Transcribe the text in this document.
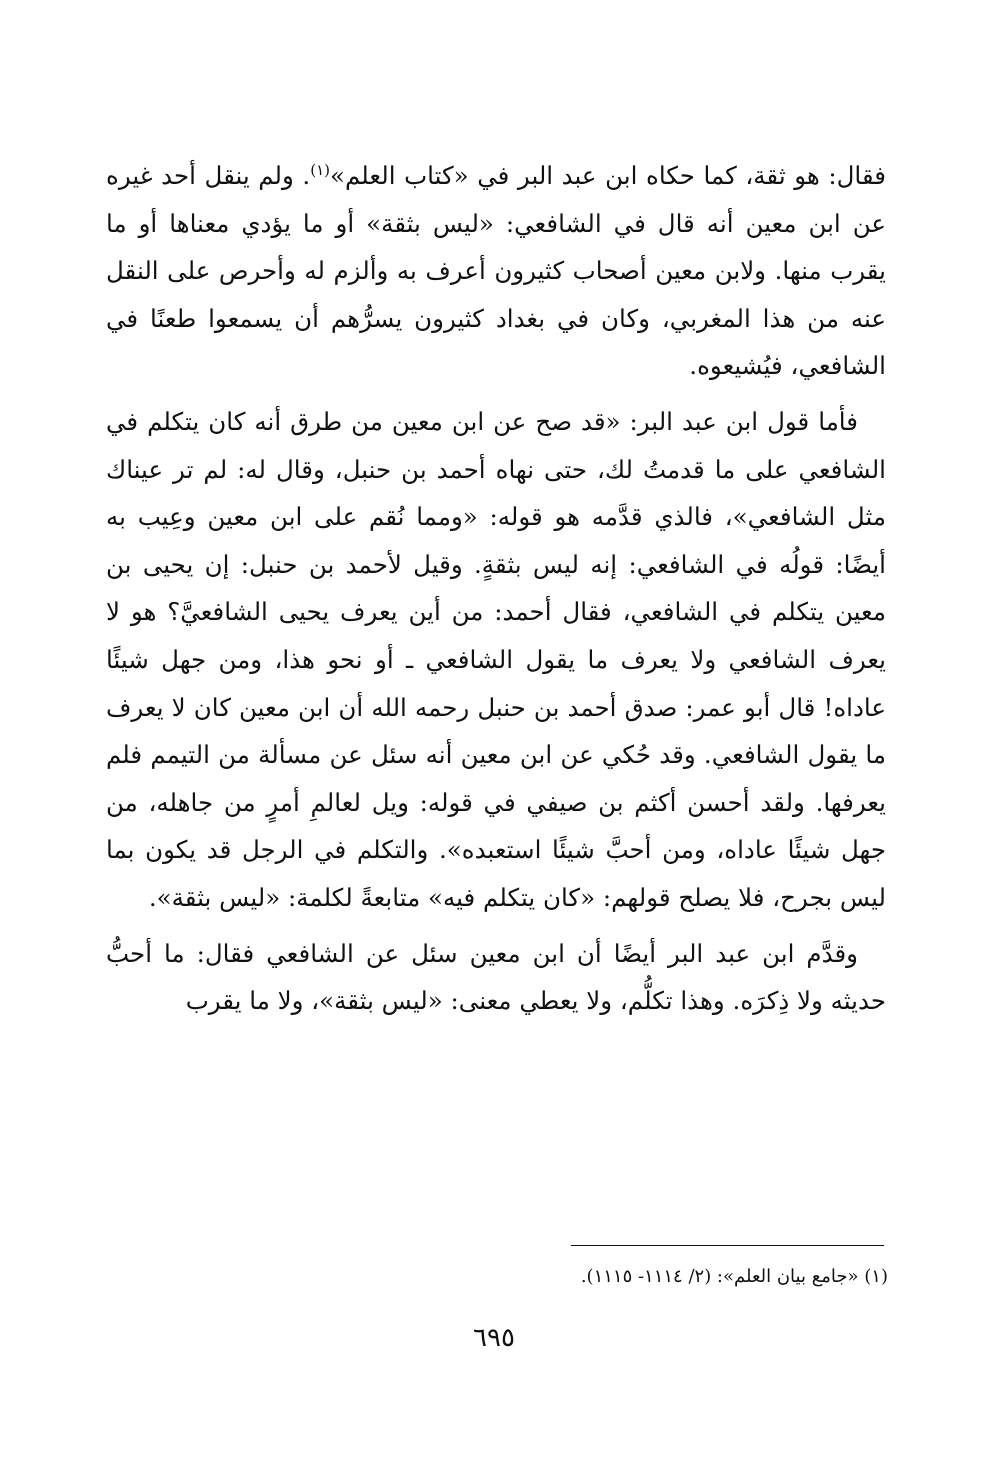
فقال: هو ثقة، كما حكاه ابن عبد البر في «كتاب العلم»$^{(١)}$. ولم ينقل أحد غيره عن ابن معين أنه قال في الشافعي: «ليس بثقة» أو ما يؤدي معناها أو ما يقرب منها. ولابن معين أصحاب كثيرون أعرف به وألزم له وأحرص على النقل عنه من هذا المغربي، وكان في بغداد كثيرون يسرُّهم أن يسمعوا طعنًا في الشافعي، فيُشيعوه.

فأما قول ابن عبد البر: «قد صح عن ابن معين من طرق أنه كان يتكلم في الشافعي على ما قدمتُ لك، حتى نهاه أحمد بن حنبل، وقال له: لم تر عيناك مثل الشافعي»، فالذي قدَّمه هو قوله: «ومما نُقم على ابن معين وعِيب به أيضًا: قولُه في الشافعي: إنه ليس بثقةٍ. وقيل لأحمد بن حنبل: إن يحيى بن معين يتكلم في الشافعي، فقال أحمد: من أين يعرف يحيى الشافعيَّ؟ هو لا يعرف الشافعي ولا يعرف ما يقول الشافعي ـ أو نحو هذا، ومن جهل شيئًا عاداه! قال أبو عمر: صدق أحمد بن حنبل رحمه الله أن ابن معين كان لا يعرف ما يقول الشافعي. وقد حُكي عن ابن معين أنه سئل عن مسألة من التيمم فلم يعرفها. ولقد أحسن أكثم بن صيفي في قوله: ويل لعالمِ أمرٍ من جاهله، من جهل شيئًا عاداه، ومن أحبَّ شيئًا استعبده». والتكلم في الرجل قد يكون بما ليس بجرح، فلا يصلح قولهم: «كان يتكلم فيه» متابعةً لكلمة: «ليس بثقة».

وقدَّم ابن عبد البر أيضًا أن ابن معين سئل عن الشافعي فقال: ما أحبُّ حديثه ولا ذِكرَه. وهذا تكلُّم، ولا يعطي معنى: «ليس بثقة»، ولا ما يقرب

(١) «جامع بيان العلم»: (٢/ ١١١٤- ١١١٥).
٦٩٥
